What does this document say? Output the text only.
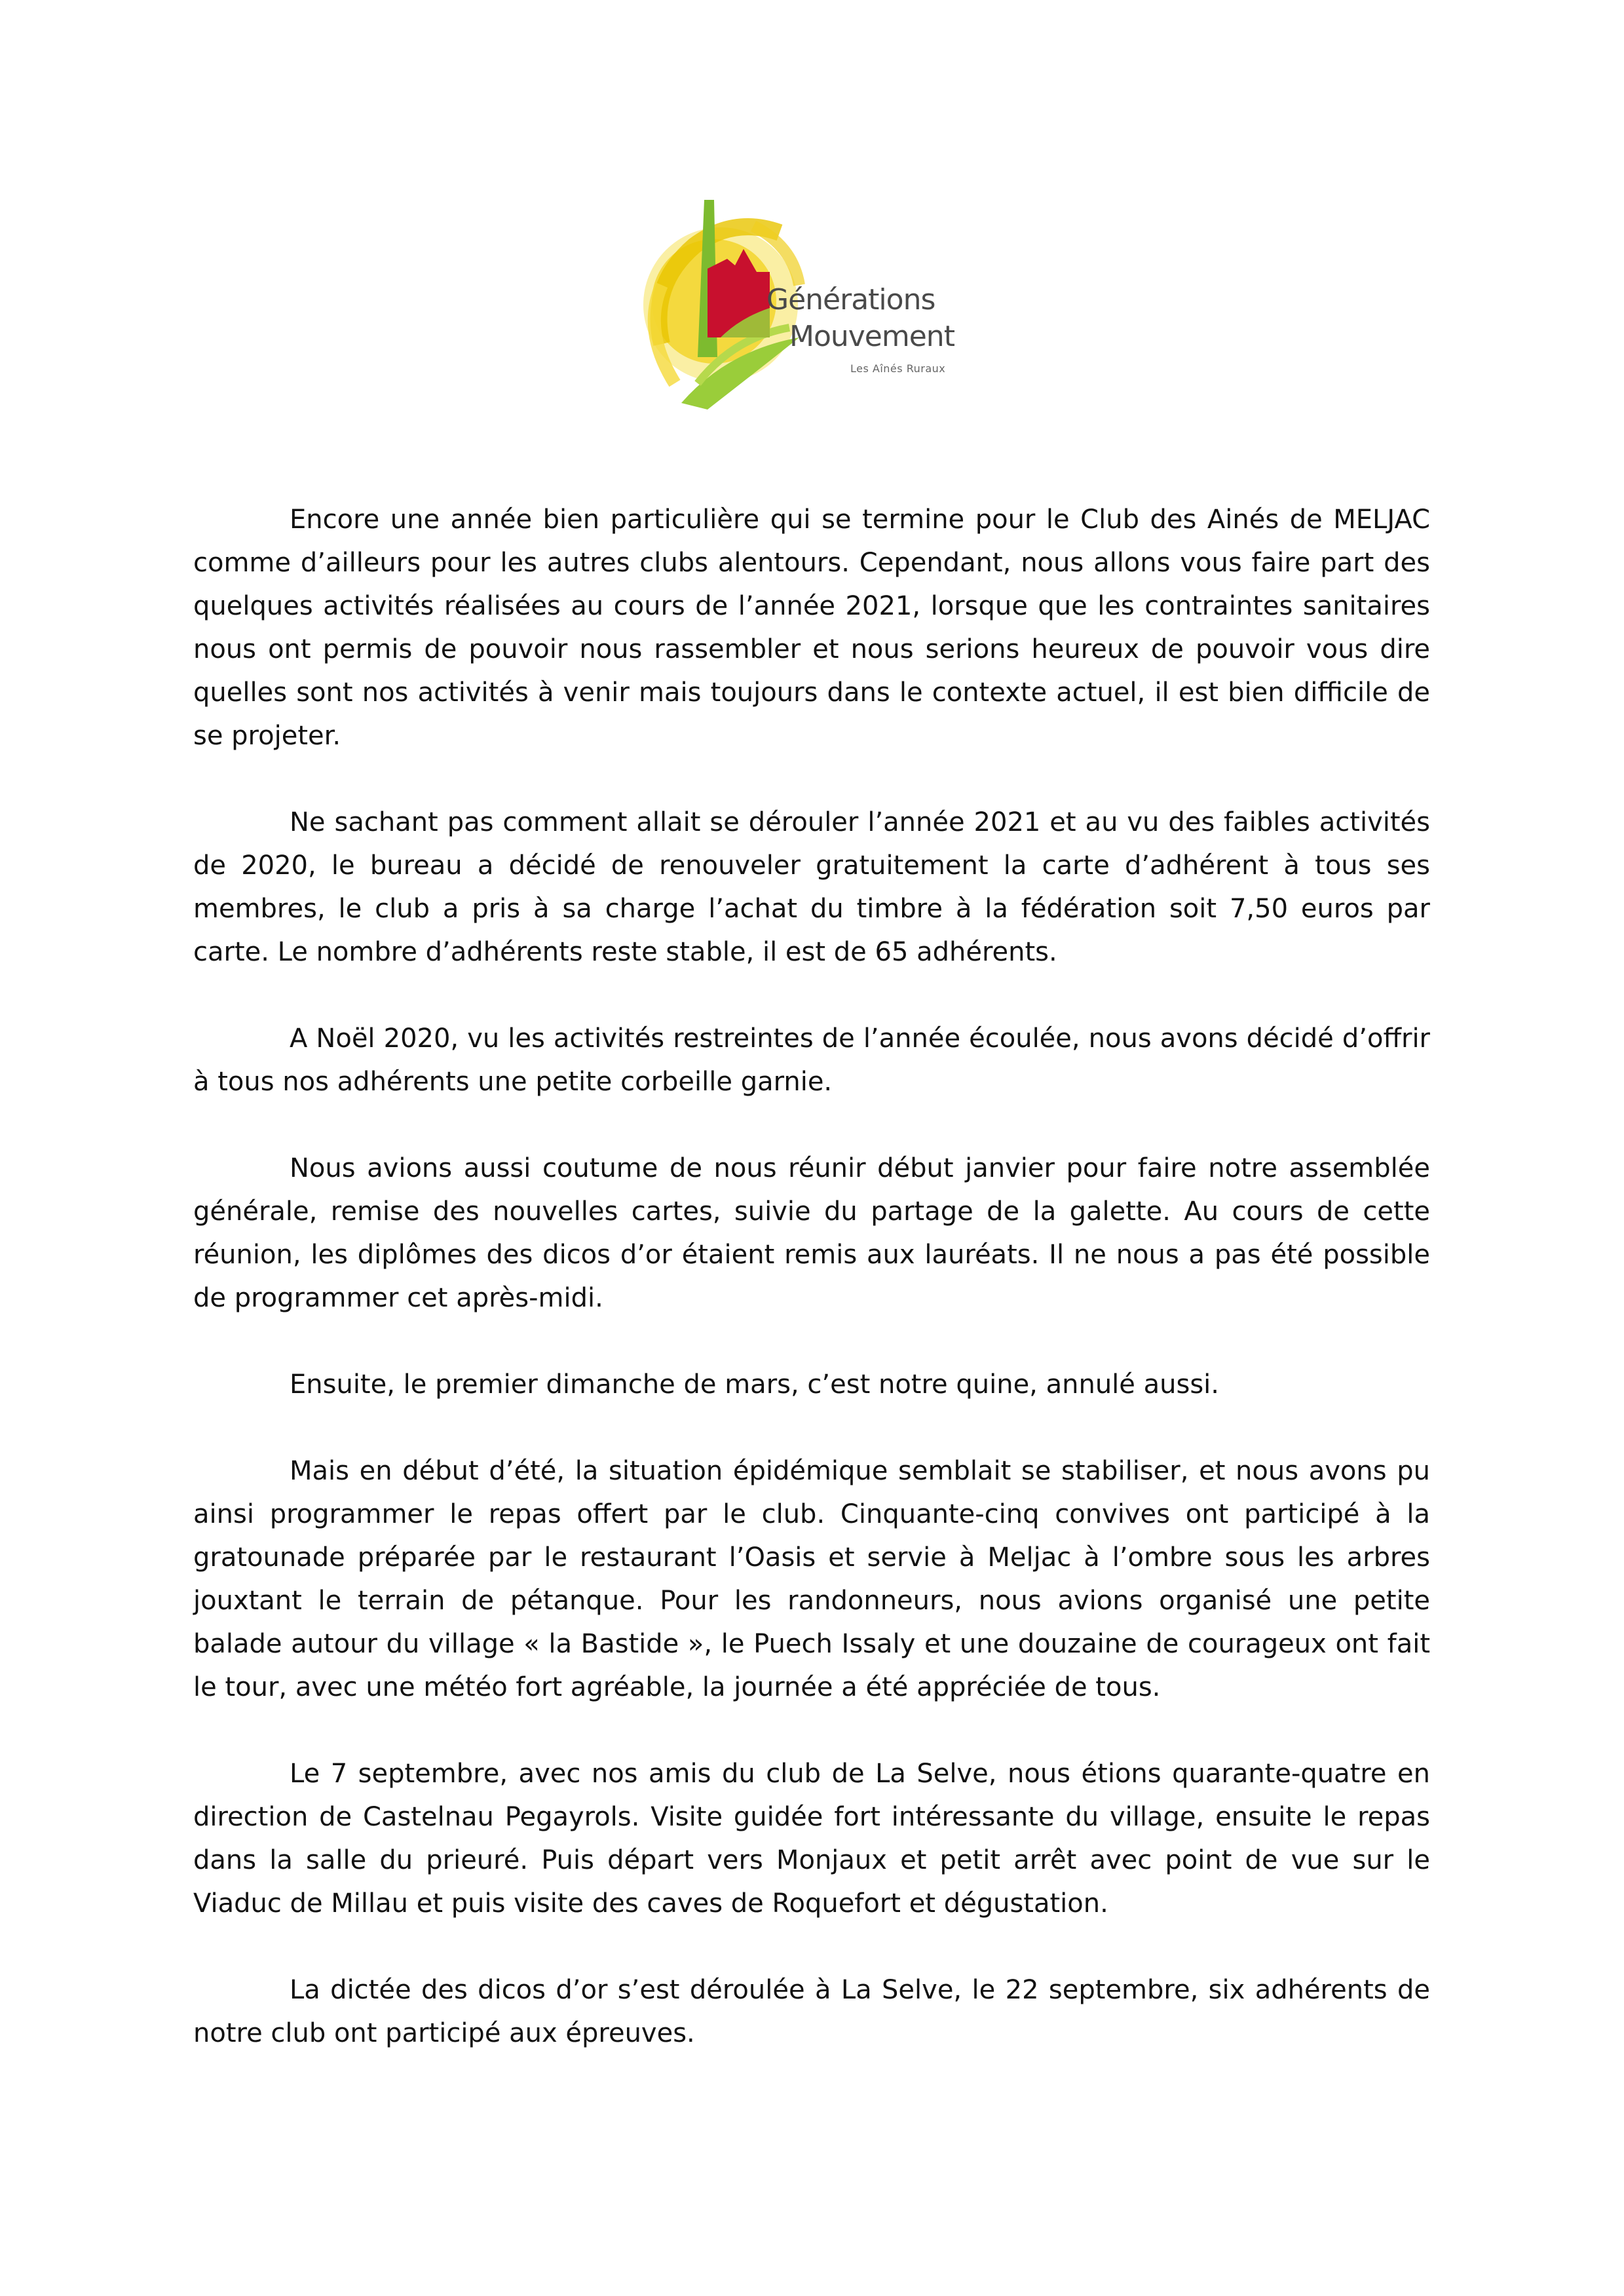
Générations
Mouvement
Les Aînés Ruraux

Encore une année bien particulière qui se termine pour le Club des Ainés de MELJAC comme d’ailleurs pour les autres clubs alentours. Cependant, nous allons vous faire part des quelques activités réalisées au cours de l’année 2021, lorsque que les contraintes sanitaires nous ont permis de pouvoir nous rassembler et nous serions heureux de pouvoir vous dire quelles sont nos activités à venir mais toujours dans le contexte actuel, il est bien difficile de se projeter.

Ne sachant pas comment allait se dérouler l’année 2021 et au vu des faibles activités de 2020, le bureau a décidé de renouveler gratuitement la carte d’adhérent à tous ses membres, le club a pris à sa charge l’achat du timbre à la fédération soit 7,50 euros par carte. Le nombre d’adhérents reste stable, il est de 65 adhérents.

A Noël 2020, vu les activités restreintes de l’année écoulée, nous avons décidé d’offrir à tous nos adhérents une petite corbeille garnie.

Nous avions aussi coutume de nous réunir début janvier pour faire notre assemblée générale, remise des nouvelles cartes, suivie du partage de la galette. Au cours de cette réunion, les diplômes des dicos d’or étaient remis aux lauréats. Il ne nous a pas été possible de programmer cet après-midi.

Ensuite, le premier dimanche de mars, c’est notre quine, annulé aussi.

Mais en début d’été, la situation épidémique semblait se stabiliser, et nous avons pu ainsi programmer le repas offert par le club. Cinquante-cinq convives ont participé à la gratounade préparée par le restaurant l’Oasis et servie à Meljac à l’ombre sous les arbres jouxtant le terrain de pétanque. Pour les randonneurs, nous avions organisé une petite balade autour du village « la Bastide », le Puech Issaly et une douzaine de courageux ont fait le tour, avec une météo fort agréable, la journée a été appréciée de tous.

Le 7 septembre, avec nos amis du club de La Selve, nous étions quarante-quatre en direction de Castelnau Pegayrols. Visite guidée fort intéressante du village, ensuite le repas dans la salle du prieuré. Puis départ vers Monjaux et petit arrêt avec point de vue sur le Viaduc de Millau et puis visite des caves de Roquefort et dégustation.

La dictée des dicos d’or s’est déroulée à La Selve, le 22 septembre, six adhérents de notre club ont participé aux épreuves.
